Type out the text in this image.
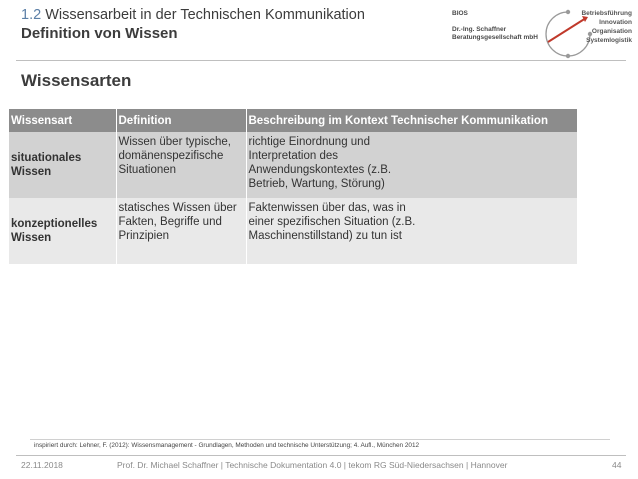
1.2 Wissensarbeit in der Technischen Kommunikation
Definition von Wissen
BIOS
Dr.-Ing. Schaffner
Beratungsgesellschaft mbH
Betriebsführung
Innovation
Organisation
Systemlogistik
Wissensarten
Wissensart	Definition	Beschreibung im Kontext Technischer Kommunikation
situationales Wissen	Wissen über typische, domänenspezifische Situationen	richtige Einordnung und Interpretation des Anwendungskontextes (z.B. Betrieb, Wartung, Störung)

konzeptionelles Wissen	statisches Wissen über Fakten, Begriffe und Prinzipien	Faktenwissen über das, was in einer spezifischen Situation (z.B. Maschinenstillstand) zu tun ist
inspiriert durch: Lehner, F. (2012): Wissensmanagement - Grundlagen, Methoden und technische Unterstützung; 4. Aufl., München 2012
22.11.2018	Prof. Dr. Michael Schaffner | Technische Dokumentation 4.0 | tekom RG Süd-Niedersachsen | Hannover	44
